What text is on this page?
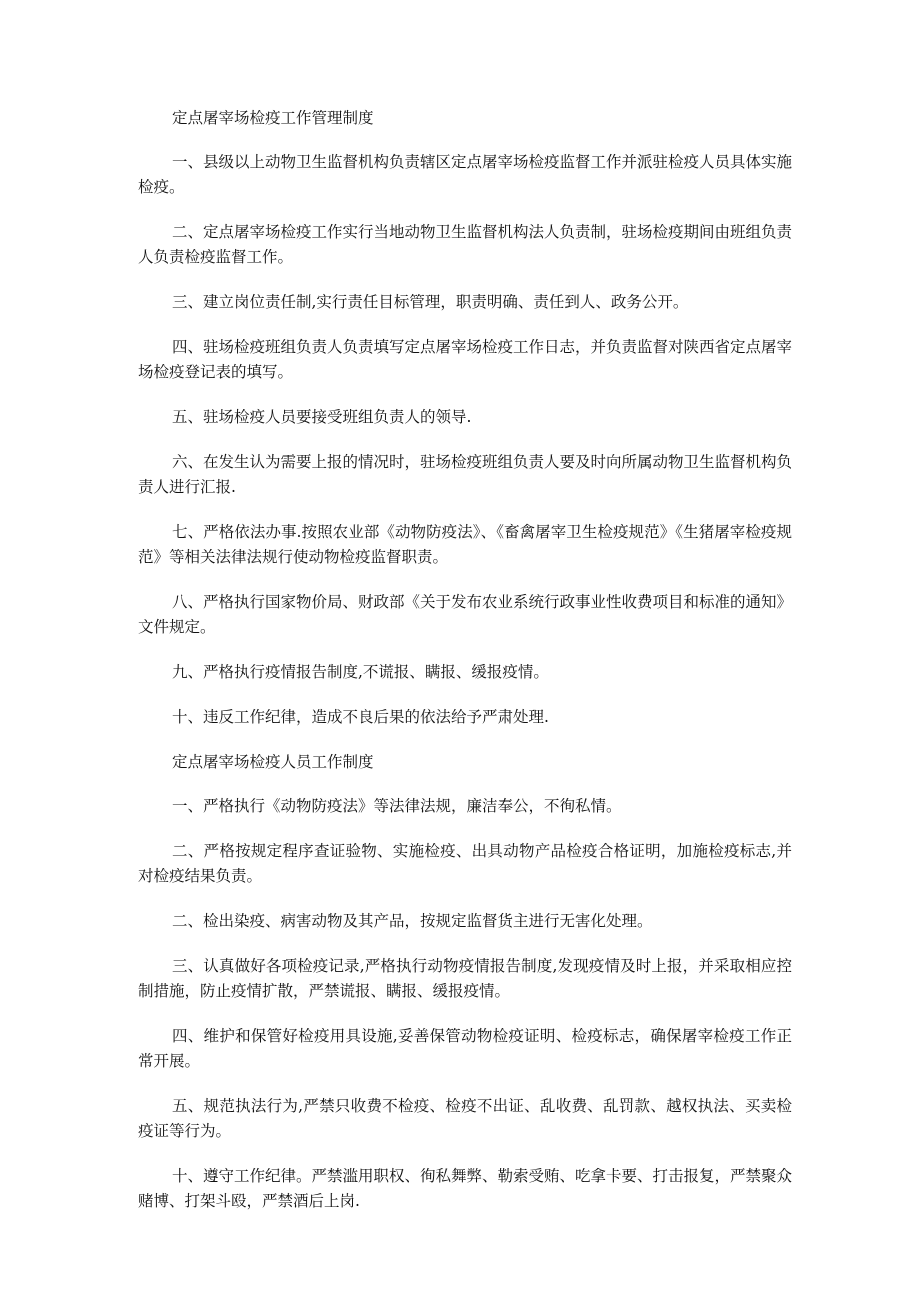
定点屠宰场检疫工作管理制度

一、县级以上动物卫生监督机构负责辖区定点屠宰场检疫监督工作并派驻检疫人员具体实施检疫。

二、定点屠宰场检疫工作实行当地动物卫生监督机构法人负责制，驻场检疫期间由班组负责人负责检疫监督工作。

三、建立岗位责任制,实行责任目标管理，职责明确、责任到人、政务公开。

四、驻场检疫班组负责人负责填写定点屠宰场检疫工作日志，并负责监督对陕西省定点屠宰场检疫登记表的填写。

五、驻场检疫人员要接受班组负责人的领导.

六、在发生认为需要上报的情况时，驻场检疫班组负责人要及时向所属动物卫生监督机构负责人进行汇报.

七、严格依法办事.按照农业部《动物防疫法》、《畜禽屠宰卫生检疫规范》《生猪屠宰检疫规范》等相关法律法规行使动物检疫监督职责。

八、严格执行国家物价局、财政部《关于发布农业系统行政事业性收费项目和标准的通知》文件规定。

九、严格执行疫情报告制度,不谎报、瞒报、缓报疫情。

十、违反工作纪律，造成不良后果的依法给予严肃处理.

定点屠宰场检疫人员工作制度

一、严格执行《动物防疫法》等法律法规，廉洁奉公，不徇私情。

二、严格按规定程序查证验物、实施检疫、出具动物产品检疫合格证明，加施检疫标志,并对检疫结果负责。

二、检出染疫、病害动物及其产品，按规定监督货主进行无害化处理。

三、认真做好各项检疫记录,严格执行动物疫情报告制度,发现疫情及时上报，并采取相应控制措施，防止疫情扩散，严禁谎报、瞒报、缓报疫情。

四、维护和保管好检疫用具设施,妥善保管动物检疫证明、检疫标志，确保屠宰检疫工作正常开展。

五、规范执法行为,严禁只收费不检疫、检疫不出证、乱收费、乱罚款、越权执法、买卖检疫证等行为。

十、遵守工作纪律。严禁滥用职权、徇私舞弊、勒索受贿、吃拿卡要、打击报复，严禁聚众赌博、打架斗殴，严禁酒后上岗.
